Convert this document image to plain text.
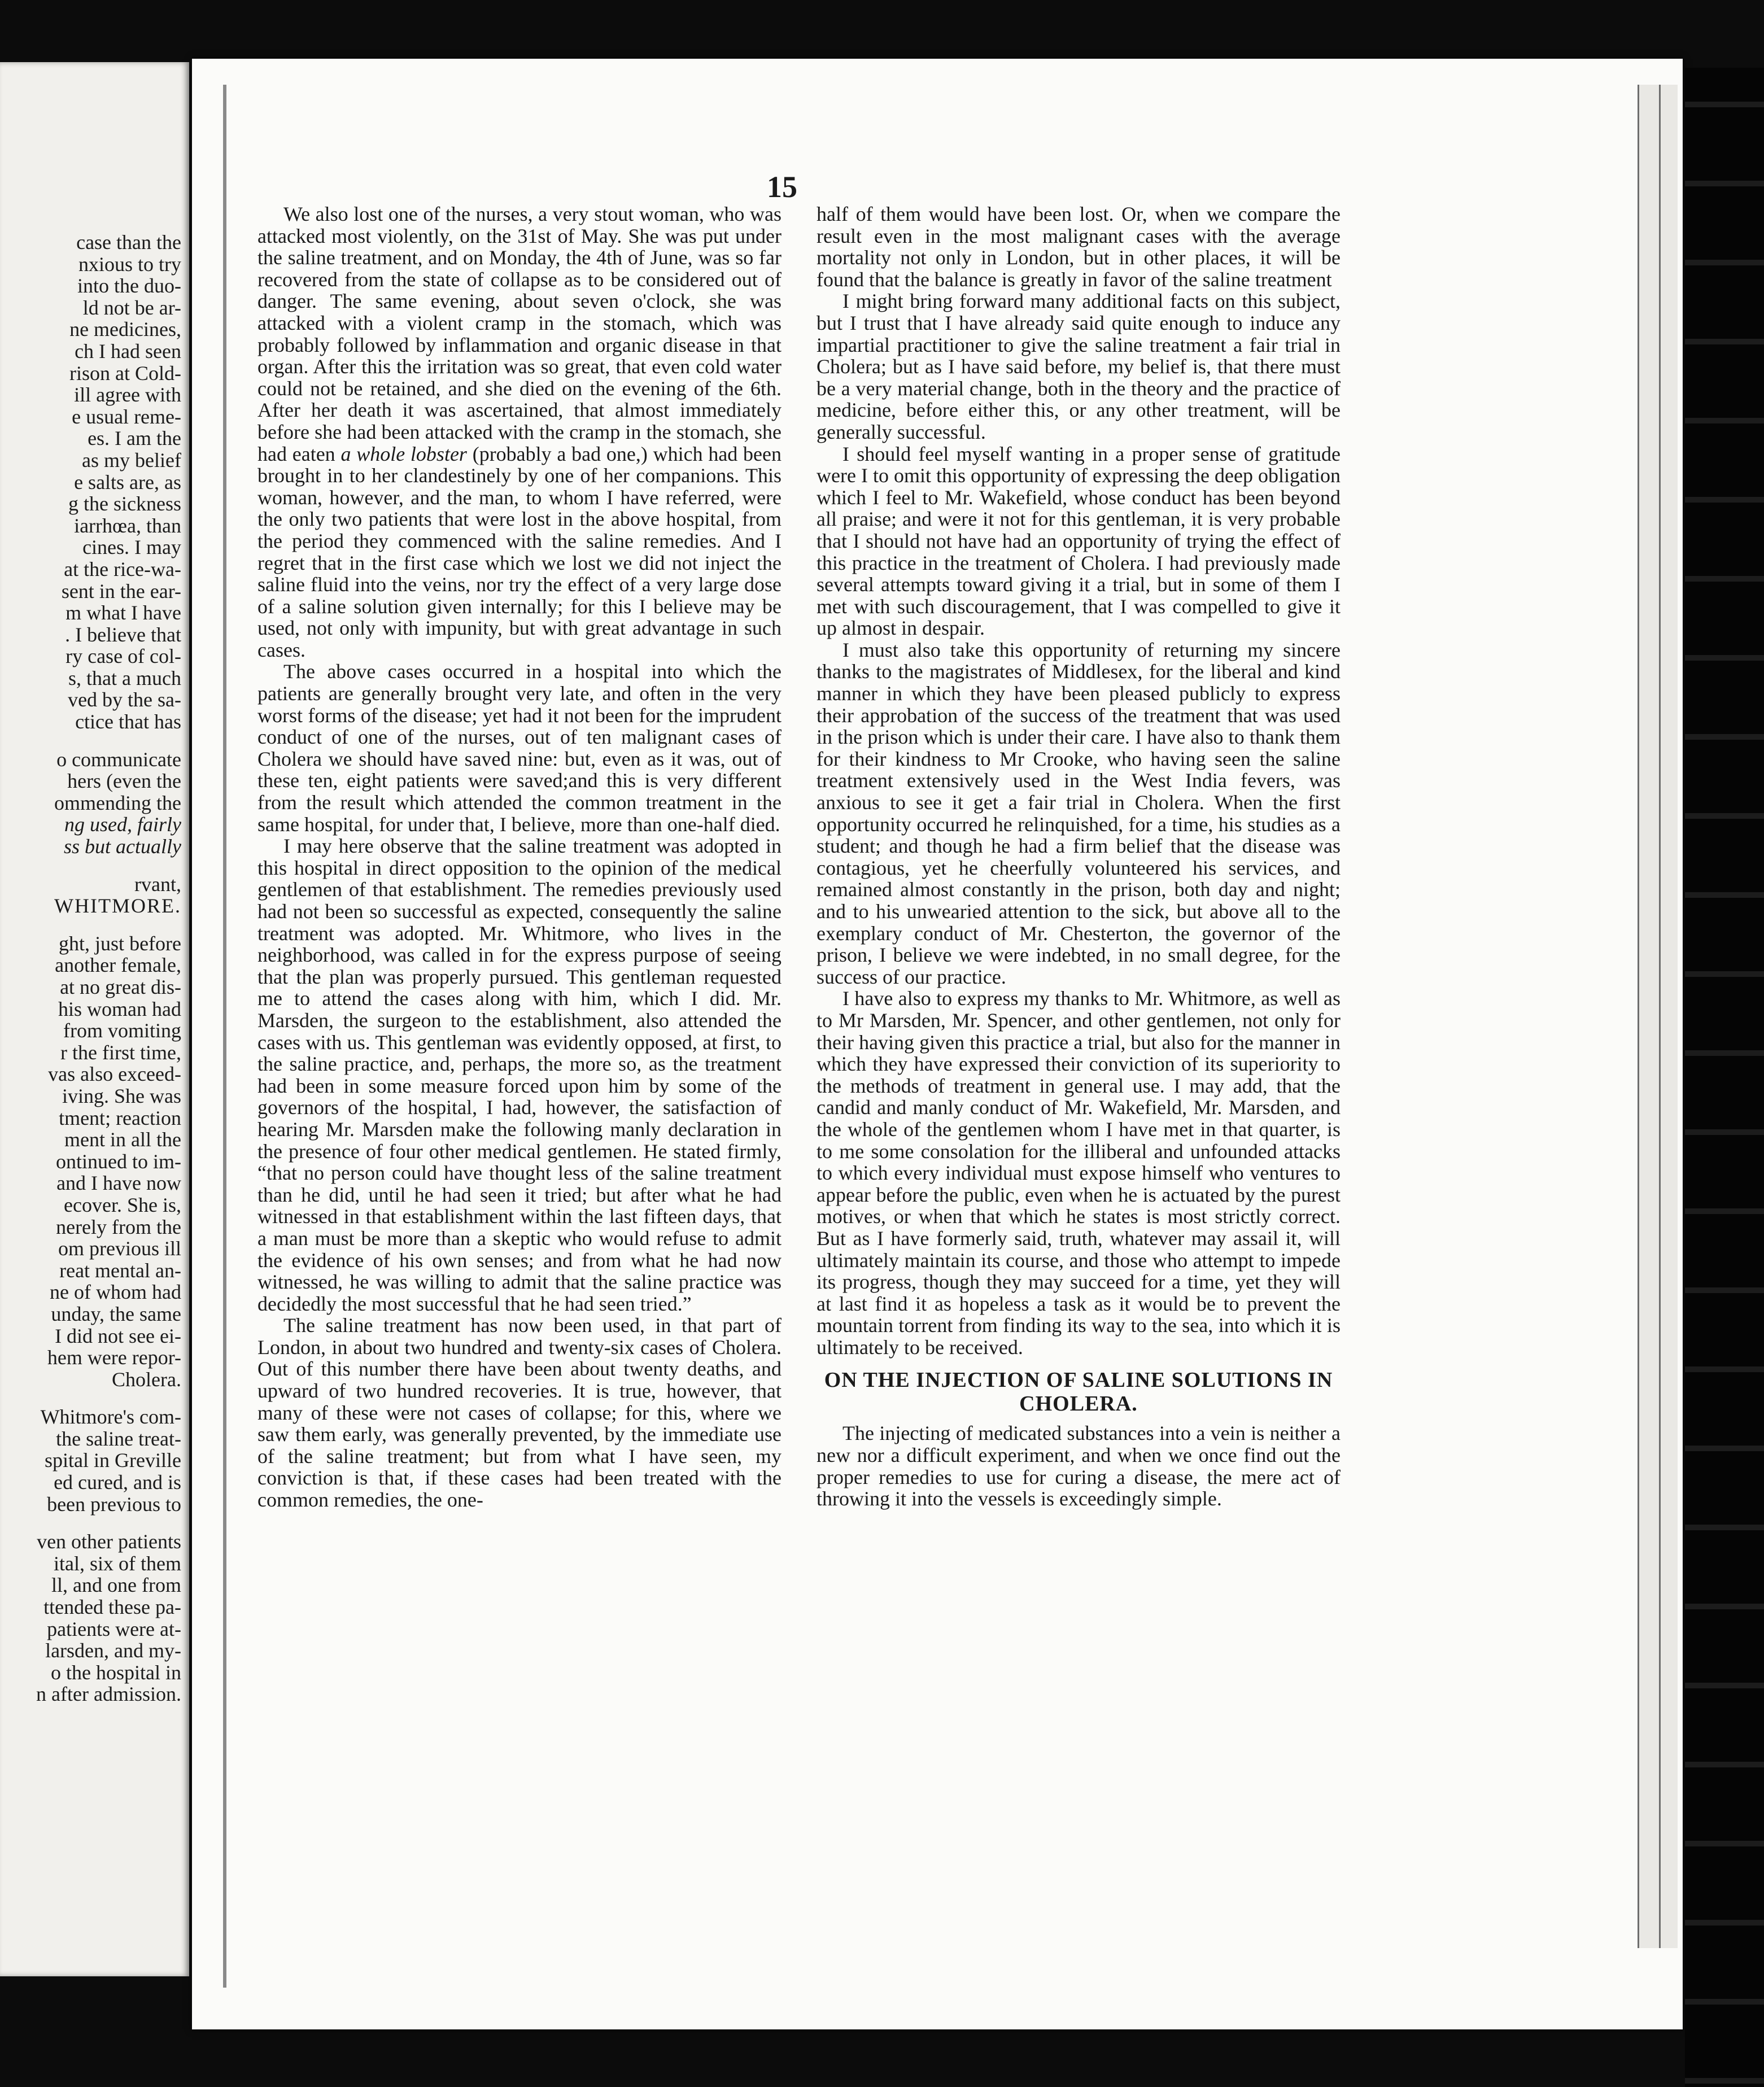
case than the
nxious to try
into the duo-
ld not be ar-
ne medicines,
ch I had seen
rison at Cold-
ill agree with
e usual reme-
es. I am the
as my belief
e salts are, as
g the sickness
iarrhœa, than
cines. I may
at the rice-wa-
sent in the ear-
m what I have
. I believe that
ry case of col-
s, that a much
ved by the sa-
ctice that has
o communicate
hers (even the
ommending the
ng used, fairly
ss but actually
rvant,
WHITMORE.
ght, just before
another female,
at no great dis-
his woman had
from vomiting
r the first time,
vas also exceed-
iving. She was
tment; reaction
ment in all the
ontinued to im-
and I have now
ecover. She is,
nerely from the
om previous ill
reat mental an-
ne of whom had
unday, the same
I did not see ei-
hem were repor-
Cholera.
Whitmore's com-
the saline treat-
spital in Greville
ed cured, and is
been previous to
ven other patients
ital, six of them
ll, and one from
ttended these pa-
patients were at-
larsden, and my-
o the hospital in
n after admission.
15

We also lost one of the nurses, a very stout woman, who was attacked most violently, on the 31st of May. She was put under the saline treatment, and on Monday, the 4th of June, was so far recovered from the state of collapse as to be considered out of danger. The same evening, about seven o'clock, she was attacked with a violent cramp in the stomach, which was probably followed by inflammation and organic disease in that organ. After this the irritation was so great, that even cold water could not be retained, and she died on the evening of the 6th. After her death it was ascertained, that almost immediately before she had been attacked with the cramp in the stomach, she had eaten a whole lobster (probably a bad one,) which had been brought in to her clandestinely by one of her companions. This woman, however, and the man, to whom I have referred, were the only two patients that were lost in the above hospital, from the period they commenced with the saline remedies. And I regret that in the first case which we lost we did not inject the saline fluid into the veins, nor try the effect of a very large dose of a saline solution given internally; for this I believe may be used, not only with impunity, but with great advantage in such cases.

The above cases occurred in a hospital into which the patients are generally brought very late, and often in the very worst forms of the disease; yet had it not been for the imprudent conduct of one of the nurses, out of ten malignant cases of Cholera we should have saved nine: but, even as it was, out of these ten, eight patients were saved;and this is very different from the result which attended the common treatment in the same hospital, for under that, I believe, more than one-half died.

I may here observe that the saline treatment was adopted in this hospital in direct opposition to the opinion of the medical gentlemen of that establishment. The remedies previously used had not been so successful as expected, consequently the saline treatment was adopted. Mr. Whitmore, who lives in the neighborhood, was called in for the express purpose of seeing that the plan was properly pursued. This gentleman requested me to attend the cases along with him, which I did. Mr. Marsden, the surgeon to the establishment, also attended the cases with us. This gentleman was evidently opposed, at first, to the saline practice, and, perhaps, the more so, as the treatment had been in some measure forced upon him by some of the governors of the hospital, I had, however, the satisfaction of hearing Mr. Marsden make the following manly declaration in the presence of four other medical gentlemen. He stated firmly, “that no person could have thought less of the saline treatment than he did, until he had seen it tried; but after what he had witnessed in that establishment within the last fifteen days, that a man must be more than a skeptic who would refuse to admit the evidence of his own senses; and from what he had now witnessed, he was willing to admit that the saline practice was decidedly the most successful that he had seen tried.”

The saline treatment has now been used, in that part of London, in about two hundred and twenty-six cases of Cholera. Out of this number there have been about twenty deaths, and upward of two hundred recoveries. It is true, however, that many of these were not cases of collapse; for this, where we saw them early, was generally prevented, by the immediate use of the saline treatment; but from what I have seen, my conviction is that, if these cases had been treated with the common remedies, the one-

half of them would have been lost. Or, when we compare the result even in the most malignant cases with the average mortality not only in London, but in other places, it will be found that the balance is greatly in favor of the saline treatment

I might bring forward many additional facts on this subject, but I trust that I have already said quite enough to induce any impartial practitioner to give the saline treatment a fair trial in Cholera; but as I have said before, my belief is, that there must be a very material change, both in the theory and the practice of medicine, before either this, or any other treatment, will be generally successful.

I should feel myself wanting in a proper sense of gratitude were I to omit this opportunity of expressing the deep obligation which I feel to Mr. Wakefield, whose conduct has been beyond all praise; and were it not for this gentleman, it is very probable that I should not have had an opportunity of trying the effect of this practice in the treatment of Cholera. I had previously made several attempts toward giving it a trial, but in some of them I met with such discouragement, that I was compelled to give it up almost in despair.

I must also take this opportunity of returning my sincere thanks to the magistrates of Middlesex, for the liberal and kind manner in which they have been pleased publicly to express their approbation of the success of the treatment that was used in the prison which is under their care. I have also to thank them for their kindness to Mr Crooke, who having seen the saline treatment extensively used in the West India fevers, was anxious to see it get a fair trial in Cholera. When the first opportunity occurred he relinquished, for a time, his studies as a student; and though he had a firm belief that the disease was contagious, yet he cheerfully volunteered his services, and remained almost constantly in the prison, both day and night; and to his unwearied attention to the sick, but above all to the exemplary conduct of Mr. Chesterton, the governor of the prison, I believe we were indebted, in no small degree, for the success of our practice.

I have also to express my thanks to Mr. Whitmore, as well as to Mr Marsden, Mr. Spencer, and other gentlemen, not only for their having given this practice a trial, but also for the manner in which they have expressed their conviction of its superiority to the methods of treatment in general use. I may add, that the candid and manly conduct of Mr. Wakefield, Mr. Marsden, and the whole of the gentlemen whom I have met in that quarter, is to me some consolation for the illiberal and unfounded attacks to which every individual must expose himself who ventures to appear before the public, even when he is actuated by the purest motives, or when that which he states is most strictly correct. But as I have formerly said, truth, whatever may assail it, will ultimately maintain its course, and those who attempt to impede its progress, though they may succeed for a time, yet they will at last find it as hopeless a task as it would be to prevent the mountain torrent from finding its way to the sea, into which it is ultimately to be received.

ON THE INJECTION OF SALINE SOLUTIONS IN CHOLERA.

The injecting of medicated substances into a vein is neither a new nor a difficult experiment, and when we once find out the proper remedies to use for curing a disease, the mere act of throwing it into the vessels is exceedingly simple.
